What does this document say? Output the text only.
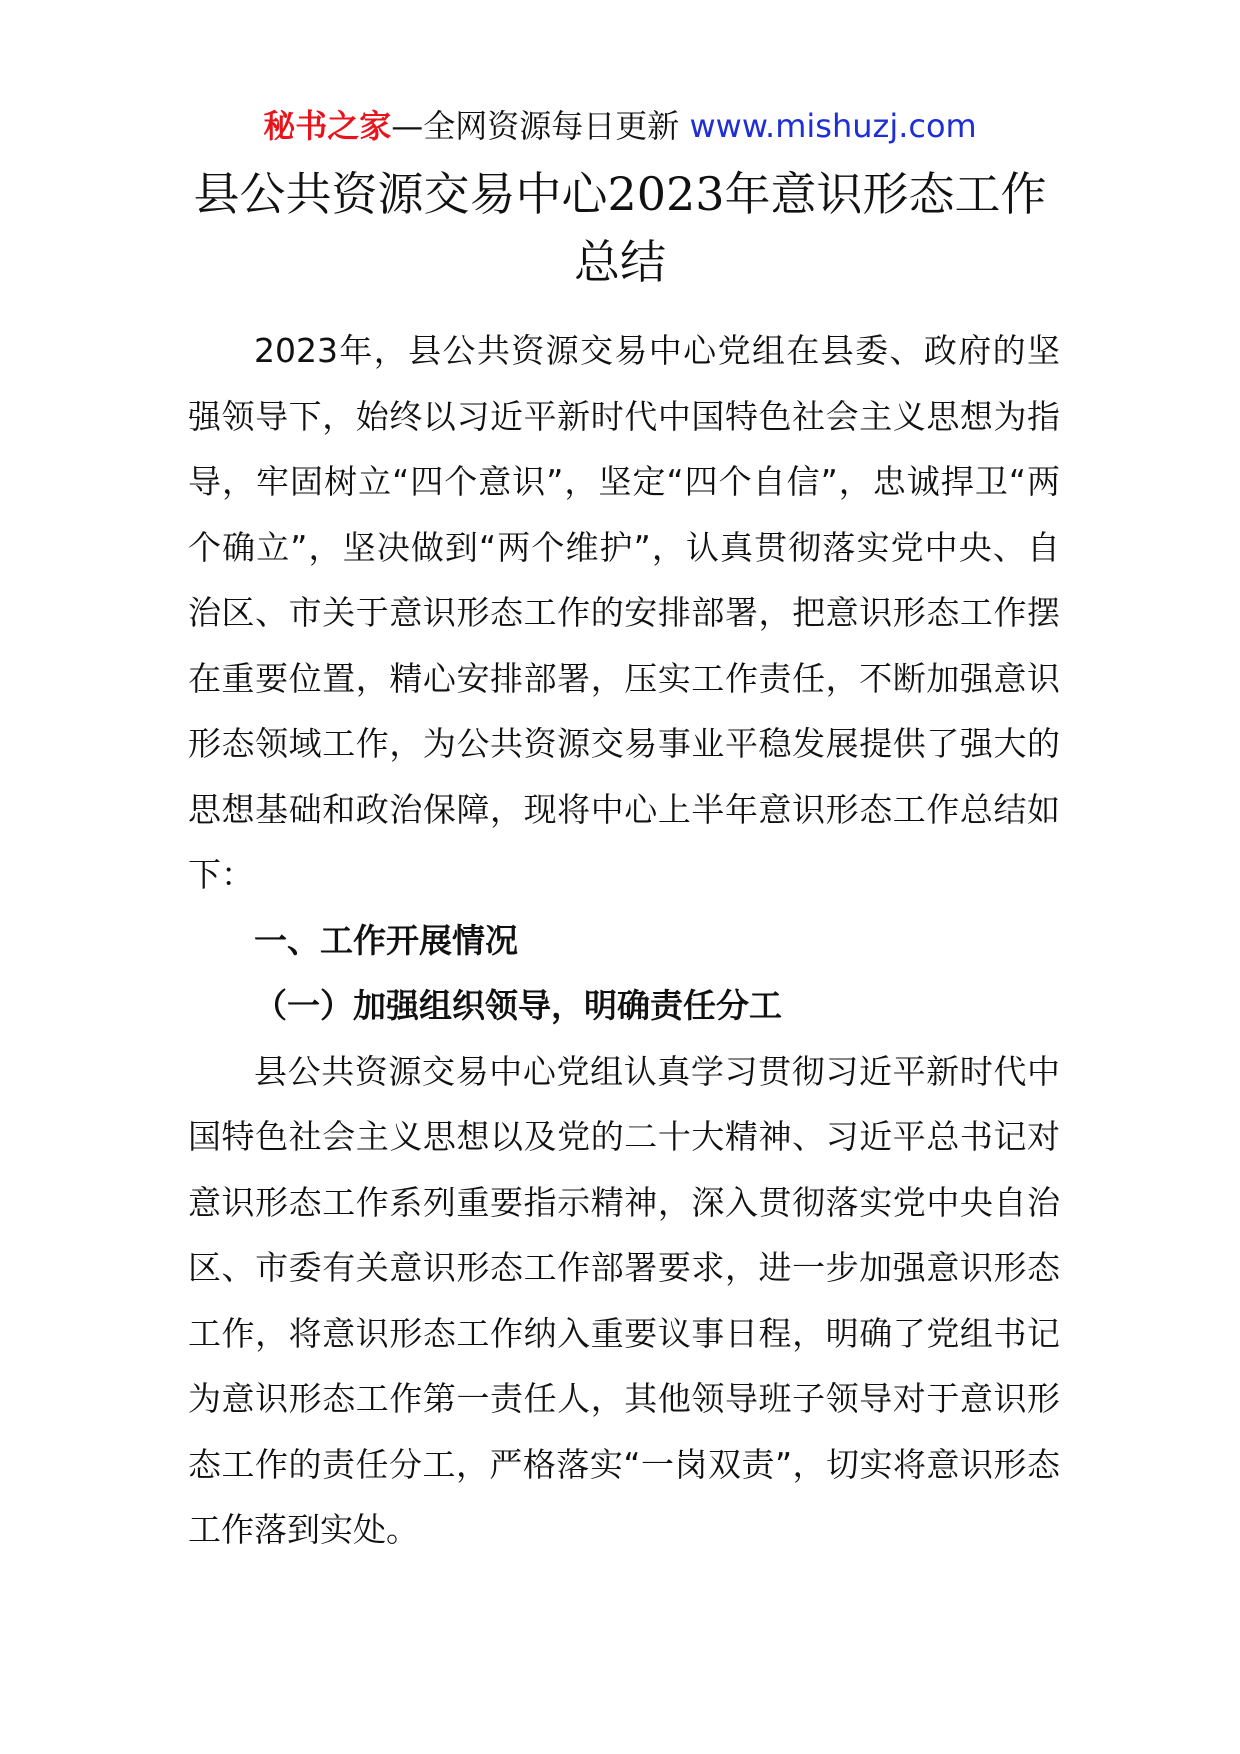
秘书之家—全网资源每日更新 www.mishuzj.com
县公共资源交易中心2023年意识形态工作
总结

2023年，县公共资源交易中心党组在县委、政府的坚强领导下，始终以习近平新时代中国特色社会主义思想为指导，牢固树立“四个意识”，坚定“四个自信”，忠诚捍卫“两个确立”，坚决做到“两个维护”，认真贯彻落实党中央、自治区、市关于意识形态工作的安排部署，把意识形态工作摆在重要位置，精心安排部署，压实工作责任，不断加强意识形态领域工作，为公共资源交易事业平稳发展提供了强大的思想基础和政治保障，现将中心上半年意识形态工作总结如下：

一、工作开展情况
（一）加强组织领导，明确责任分工

县公共资源交易中心党组认真学习贯彻习近平新时代中国特色社会主义思想以及党的二十大精神、习近平总书记对意识形态工作系列重要指示精神，深入贯彻落实党中央自治区、市委有关意识形态工作部署要求，进一步加强意识形态工作，将意识形态工作纳入重要议事日程，明确了党组书记为意识形态工作第一责任人，其他领导班子领导对于意识形态工作的责任分工，严格落实“一岗双责”，切实将意识形态工作落到实处。
